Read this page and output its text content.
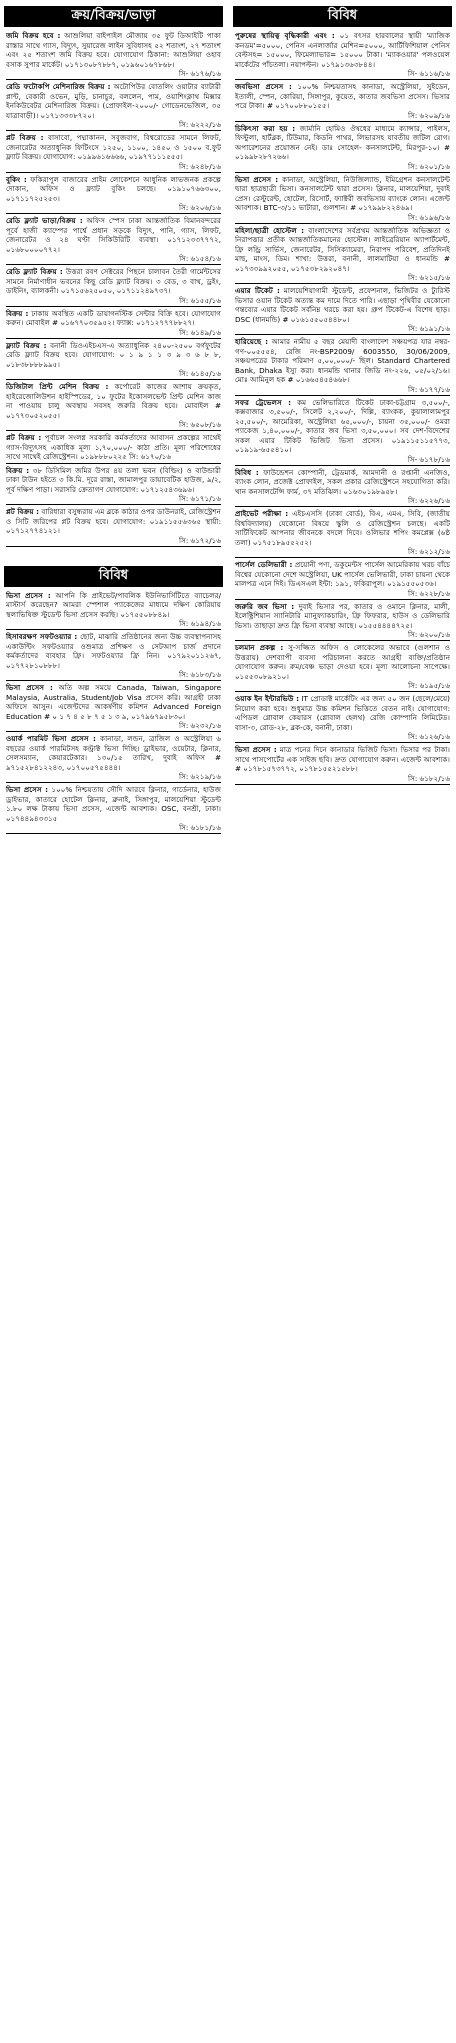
ক্রয়/বিক্রয়/ভাড়া
জমি বিক্রয় হবে : আশুলিয়া বাইপাইল মৌজায় ৩৫ ফুট ডিআইটি পাকা রাস্তার সাথে গ্যাস, বিদ্যুৎ, সুয়ারেজ লাইন সুবিধাসহ ৫২ শতাংশ, ২৭ শতাংশ এবং ২৫ শতাংশ জমি বিক্রয় হবে। যোগাযোগ ঠিকানা: আশুলিয়া ওহাব বসাক সুপার মার্কেট। ০১৭১৩০৮৭৮৮৭, ০১৯৬০১৬৭৮৬৮।
সি- ৬১৭৬/১৬
রেডি ফটোকপি মেশিনারিজ বিক্রয় : অটোপিউর বোতলিং ওয়াটার ব্যাটারী প্লান্ট, বেকারী ওভেন, মুড়ি, চানাচুর, বললেন, পাম, ওয়াশিংক্লাথ মিক্সার ইনকিউবেটর মেশিনারিজ বিক্রয়। (প্রোফাইল-২০০০/- গোডেনভেজিল, ৩৫ যাত্রাবাড়ী)। ০১৭১৩৩৩৮৭২০।
সি: ৬২২২/১৬
প্লট বিক্রয় : বাসাবো, পদ্মাকানন, সবুজবাগ, বিশ্বরোডের সামনে লিফট, জেনারেটর অত্যাধুনিক ফিটিংসে ১২৫০, ১১০০, ১৪৫০ ও ১৫০০ ব.ফুট ফ্ল্যাট বিক্রয়। যোগাযোগ: ০১৯৯৬১৬৬৬৬, ০১৯৭৭১১১৫৫৫।
সি: ৬২৪৮/১৬
বুকিং : ফকিরাপুল বাজারের প্রাইম লোকেশনে আধুনিক লাভজনক প্রকল্পে দোকান, অফিস ও ফ্ল্যাট বুকিং চলছে। ০১৯১০৭৬৬৩০০, ০১৭১১৭২৫২৫৩।
সি: ৬২০৬/১৬
রেডি ফ্ল্যাট ভাড়া/বিক্রয় : অফিস স্পেস ঢাকা আন্তর্জাতিক বিমানবন্দরের পূর্বে হাজী ক্যাম্পের পার্শ্বে প্রধান সড়কে বিদ্যুৎ, পানি, গ্যাস, লিফট, জেনারেটর ও ২৪ ঘণ্টা সিকিউরিটি ব্যবস্থা। ০১৭১২৩৩৭৭৭২, ০১৬৮০০০০৭৭২।
সি: ৬১৫৪/১৬
রেডি ফ্ল্যাট বিক্রয় : উত্তরা রবণ সেক্টরের পিছনে চালাবন তৈরী গার্মেন্টসের সামনে নির্মাণাধীন ভবনের কিছু রেডি ফ্ল্যাট বিক্রয়। ৩ বেড, ৩ বাথ, ড্রইং, ডাইনিং, ব্যালকনী। ০১৭১৫৬২৫০৫০, ০১৭১১২৪৯৭৩৭।
সি: ৬১৫৫/১৬
বিক্রয় : ঢাকায় অবস্থিত একটি ডায়াগনস্টিক সেন্টার বিক্রি হবে। যোগাযোগ করুন। মোবাইল # ০১৬৭৭০৩৫৯৫২। ফ্যাক্স: ০১৭১২৭৭৭৮৮২৭।
সি: ৬১৪৯/১৬
ফ্ল্যাট বিক্রয় : বনানী ডিওএইচএস-এ অত্যাধুনিক ২৪০০-২৫০০ বর্গফুটের রেডি ফ্ল্যাট বিক্রয় হবে। যোগাযোগ: ০ ১ ৯ ১ ১ ৩ ৯ ৩ ৬ ৮ ৮, ০১৮৩৮৮৮৮৯৯৫।
সি: ৬১৪৫/১৬
ডিজিটাল প্রিন্ট মেশিন বিক্রয় : কর্পোরেট কাজের আশায় ক্রয়কৃত, হাইরেজোলিউশন হাইস্পিডের, ১০ ফুটের ইকোসলভেন্ট প্রিন্ট মেশিন কাজ না পাওয়ায় চালু অবস্থায় সবসহ জরুরি বিক্রয় হবে। মোবাইল # ০১৭৭৩০৫২০৫৫।
সি: ৬৫০৮/১৬
প্লট বিক্রয় : পূর্বাচল সংলগ্ন সরকারি কর্মকর্তাদের আবাসন প্রকল্পের সাথেই গ্যাস-বিদ্যুৎসহ একাধিক মূল্য ১,৭০,০০০/- কাঠা প্রতি। মূল্য পরিশোধের সাথে সাথেই রেজিস্ট্রেশন। ০১৯৮৮৮০২২৫ সি: ৬১৭০/১৬
বিক্রয় : ৩৮ ডিসিমিল জমির উপর ৪য় তলা ভবন (বিল্ডিং) ও বাউন্ডারী ঢাকা টাউন হইতে ৩ কি.মি. দূরে রাস্তা, জামালপুর ডায়াবেটিক হাউজ, ৯/২, পূর্ব দক্ষিণ পাড়া। সরাসরি ক্রেতাগণ যোগাযোগ: ০১৭১২৫৪৩৬৯৬।
সি: ৬১৭১/১৬
প্লট বিক্রয় : বারিধারা বসুন্ধরায় এম ব্লকে কাঠার ওপর ডাউনরাই, রেজিস্ট্রেশন ও সিটি জরিপের প্লট বিক্রয় হবে। যোগাযোগ: ০১৯১১৫৫৬৩৬৫ স্থায়ী: ০১৭১২৭৭৪১২১।
সি: ৬১৭২/১৬
বিবিধ
ভিসা প্রসেস : আপনি কি প্রাইভেট/পাবলিক ইউনিভার্সিটিতে ব্যাচেলর/মাস্টার্স করেছেন? আমরা স্পেশাল প্যাকেজের মাধ্যমে দক্ষিণ কোরিয়ায় স্থলাভিষিক্ত স্টুডেন্ট ভিসা প্রসেস করছি। ০১৭৫৫০৮৮৪৯।
সি: ৬১৯৪/১৬
হিসাবরক্ষণ সফটওয়্যার : ছোট, মাঝারি প্রতিষ্ঠানের জন্য উচ্চ ব্যবস্থাপনাসহ একাউন্টিং সফটওয়্যার ওশুমাত্র প্রশিক্ষণ ও সেটআপ চার্জ প্রদানে কর্মকর্তাদের ব্যবহার ফ্রি। সফটওয়্যার ফ্রি নিন। ০১৭৯২০১১২৬৭, ০১৭৭২৮১০৮৮৮।
সি: ৬১৮৩/১৬
ভিসা প্রসেস : অতি অল্প সময়ে Canada, Taiwan, Singapore Malaysia, Australia, Student/Job Visa প্রসেস করি। আগ্রহী ঢাকা অফিসে আসুন। এজেন্টদের আকর্ষণীয় কমিশন Advanced Foreign Education # ০ ১ ৭ ৪ ৫ ৮ ৭ ৫ ১ ৩ ৯, ০১৭৯৬৭৯৫৮৩০।
সি: ৬২৩২/১৬
ওয়ার্ক পারমিট ভিসা প্রসেস : কানাডা, লন্ডন, ব্রাজিল ও অস্ট্রেলিয়া ৬ বছরের ওয়ার্ক পারমিটসহ কন্ট্রাক্ট ভিসা দিচ্ছি। ড্রাইভার, ওয়েটার, ক্লিনার, সেলসম্যান, কেয়ারটেকার। ১৩০/১৫ তারিখ, দুবাই অফিস # ৯৭১৫২৮৪১২২৪৩, ০১৭০০৫৭৫৪৪৪।
সি: ৬২১৯/১৬
ভিসা প্রসেস : ১০০% নিশ্চয়তায় সৌদি আরবে ক্লিনার, গার্ডেনার, হাউজ ড্রাইভার, কাতারে হোটেল ক্লিনার, ব্রুনাই, সিঙ্গাপুর, মালয়েশিয়া স্টুডেন্ট ১.৮০ লক্ষ টাকায় ভিসা প্রসেস, এজেন্ট আবশ্যক। OSC, বনশ্রী, ঢাকা। ০১৭৪৪৯৪৩৩১৫
সি: ৬১৮১/১৬
বিবিধ
পুরুষের স্থায়িত্ব বৃদ্ধিকারী এবং : ০১ বৎসর হারবালের স্থায়ী 'ম্যাজিক কনডম'=৫০০০, পেনিস এনলার্জার মেশিন=৫০০০, আর্টিফিশিয়াল পেনিস বেল্টসহ= ১৫০০০, ফিমেল্যাভার= ১৫০০০ টাকা। 'ম্যাকওয়ার' পলওয়েল মার্কেটের পাঁচতলা। নয়াপল্টন। ০১৭৯১৩৬৩৮৪৪।
সি- ৬১১৬/১৬
জবভিসা প্রসেস : ১০০% নিশ্চয়তাসহ কানাডা, অস্ট্রেলিয়া, সুইডেন, ইতালী, স্পেন, কোরিয়া, সিঙ্গাপুর, কুয়েত, কাতার জবভিসা প্রসেস। ভিসার পরে টাকা। # ০১৭০০৮৮০১৫৫।
সি: ৬২০৯/১৬
চিকিৎসা করা হয় : জার্মানি হোমিও ঔষধের মাধ্যমে ক্যান্সার, পাইলস, ফিস্টুলা, হার্টব্লক, টিউমার, কিডনি পাথর, লিভারসহ যাবতীয় জটিল রোগ। অপারেশনের প্রয়োজন নেই। ডাঃ সোহেল- কনসালটেন্ট, মিরপুর-১০। # ০১৯৯৮২৮৭২৬৬।
সি: ৬২০১/১৬
ভিসা প্রসেস : কানাডা, অস্ট্রেলিয়া, নিউজিল্যান্ড, ইমিগ্রেশন কনসালটেন্ট দ্বারা ছাত্রছাত্রী ভিসা। কনসালটেন্ট দ্বারা প্রসেস। ক্লিনার, মালয়েশিয়া, দুবাই প্রেস। রেস্টুরেন্ট, হোটেল, রিসোর্ট, ফ্যাক্টরী জবভিসায় ব্যাংকে লোন। এজেন্ট আবশ্যক। BTC-৩/১১ ভাটারা, গুলশান। # ০১৭৯৯৮২২৪৬৯।
সি: ৬১৯৬/১৬
মহিলা/ছাত্রী হোস্টেল : বাংলাদেশের সর্বপ্রথম আন্তর্জাতিক অভিজ্ঞতা ও নিরাপত্তার প্রতীক আন্তর্জাতিকমানের হোস্টেল। লাইব্রেরিয়ান অ্যাপার্টমেন্ট, ফ্রি লন্ড্রি সার্ভিস, জেনারেটর, সিসিক্যামেরা, নিরাপদ পরিবেশ, প্রতিদিনই মাছ, মাংস, ডিম। শাখা: উত্তরা, বনানী, লালমাটিয়া ও ধানমন্ডি # ০১৭৩৩৯৯২০৫৫, ০১৭৫৩৮২৯২০৪৭।
সি: ৬২১৫/১৬
এয়ার টিকেট : মালয়েশিয়াগামী স্টুডেন্ট, প্রফেশনাল, ভিজিটর ও ট্যুরিস্ট ভিসার ওয়ান টিকেট অত্যন্ত কম দামে দিতে পারি। এছাড়া পৃথিবীর যেকোনো গন্তব্যের এয়ার টিকেট সর্বনিম্ন খরচে করা হয়। গ্রুপ টিকেট-এ বিশেষ ছাড়। DSC (ধানমন্ডি) # ০১৬১৫৫০৫৪৪৮০।
সি: ৬১৯১/১৬
হারিয়েছে : আমার নামীয় ৫ বছর মেয়াদী বাংলাদেশ সঞ্চয়পত্র যার নম্বর-গণ-০০৫৫৫৪, রেজি নং-BSP2009/ 6003550, 30/06/2009, সঞ্চয়পত্রের টাকার পরিমাণ ৫,০০,০০০/- ছিল। Standard Chartered Bank, Dhaka ইস্যু করা। ধানমন্ডি থানার জিডি নং-২২৬, ০৫/০২/১৬। মোঃ আমিনুল হক # ০১৬৬৫৪৫৪৬৬৮।
সি: ৬১৭৭/১৬
সফর ট্রেভেলস : কম ভেলিভারিতে টিকেট ঢাকা-চট্টগ্রাম ৩,৫০০/-, কক্সবাজার ৩,৫০০/-, সিলেট ২,২০০/-, দিল্লি, ব্যাংকক, কুয়ালালামপুর ২৫,৫০০/-, আমেরিকা, অস্ট্রেলিয়া ৬৫,০০০/-, চায়না ৩৫,০০০/- ওমরা প্যাকেজ ১,৪০,০০০/-, কাতার জব ভিসা ৩,৫০,০০০। সব দেশ-বিদেশের সকল এয়ার টিকিট ভিজিট ভিসা প্রসেস। ০১৯১১৫১১৫৭৭৩, ০১৯১৯-৬৫৫৪১০।
সি- ৬১৭৮/১৬
বিবিধ : ফাউন্ডেশন কোম্পানী, ট্রেডমার্ক, আমদানী ও রপ্তানী এনজিও, ব্যাংক লোন, প্রজেক্ট প্রোফাইল, সকল প্রকার রেজিস্ট্রেশনে সহযোগিতা করি। খান কনসালটেন্সি ফার্ম, ৩৭ মতিঝিল। ০১৬৩০১৯৮৯৫৮।
সি: ৬২২৬/১৬
প্রাইভেট পরীক্ষা : এইচএসসি (ঢাকা বোর্ড), বিএ, এমএ, সিবি, (জাতীয় বিশ্ববিদ্যালয়) যেকোনো বিষয়ে স্কুলি ও রেজিস্ট্রেশন চলছে। একটি সার্টিফিকেট আপনার জীবনকে বদলে দিবে। ওলিভার শপিং কমপ্লেক্স (৬ষ্ঠ তলা) ০১৭৫১৮৯৫৫২৫২।
সি: ৬২১২/১৬
পার্সেল ডেলিভারী : প্রয়োনী পণ্য, ডকুমেন্টস পার্সেল আমেরিকায় খরচ বাঁচে বিশ্বের যেকোনো দেশে অস্ট্রেলিয়া, UK পার্সেল ভেলিভারী, ঢাকা চায়না থেকে মালপত্র এনে দিই। ডিএসএল ইন্টা: ১৯১, ফকিরাপুল। ০১৯১৫৫০৫৩৬।
সি: ৬২২৮/১৬
জরুরি জব ভিসা : দুবাই ভিসার পর, কাতার ও ওমানে ক্লিনার, মালী, ইলেক্ট্রিশিয়ান স্যানিটারি ম্যানুফ্যাকচারিং, ফ্রি ফিফরার, হাউস ও ডেলিভারি ভিসা। তাছাড়া দ্রুত ফ্রি ভিসা ব্যবস্থা আছে। ০১৫৫৪৪৪৪৭২৫।
সি: ৬২০০/১৬
চলমান প্রকল্প : সু-সজ্জিত অফিস ও লোকেলের অভাবে (গুলশান ও উত্তরায়) দেশব্যাপী ব্যবসা পরিচালনা করতে আগ্রহী ব্যক্তি/প্রতিষ্ঠান যোগাযোগ করুন। রুম/বেঞ্চ ভাড়া দেওয়া হবে। মূল্য আলোচনা সাপেক্ষে। ০১৫৫৩০৮৯২১০।
সি: ৬১৯৫/১৬
ওয়াক ইন ইন্টারভিউ : IT প্রোডাক্ট মার্কেটিং এর জন্য ৫০ জন (ছেলে/মেয়ে) নিয়োগ করা হবে। শুধুমাত্র উচ্চ কমিশন ভিত্তিতে বেতন নাই। যোগাযোগ: এপিডল গ্লোবাল কেয়ারস (গ্লোবাল হেলথ) রেজি কোম্পানি লিমিটেড। বাসা-৩, রোড-২৮, ব্লক-কে, বনানী, ঢাকা।
সি: ৬১২৬/১৬
ভিসা প্রসেস : মাত্র পনের দিনে কানাডার ভিজিট ভিসা। ভিসার পর টাকা। সাথে পাসপোর্টের এক সাইজ ছবি। দ্রুত যোগাযোগ করুন। এজেন্ট আবশ্যক। # ০১৭৮১৫৭৩৭৭২, ০১৭৮১৫৫২১৫৮৮।
সি: ৬১৮২/১৬
